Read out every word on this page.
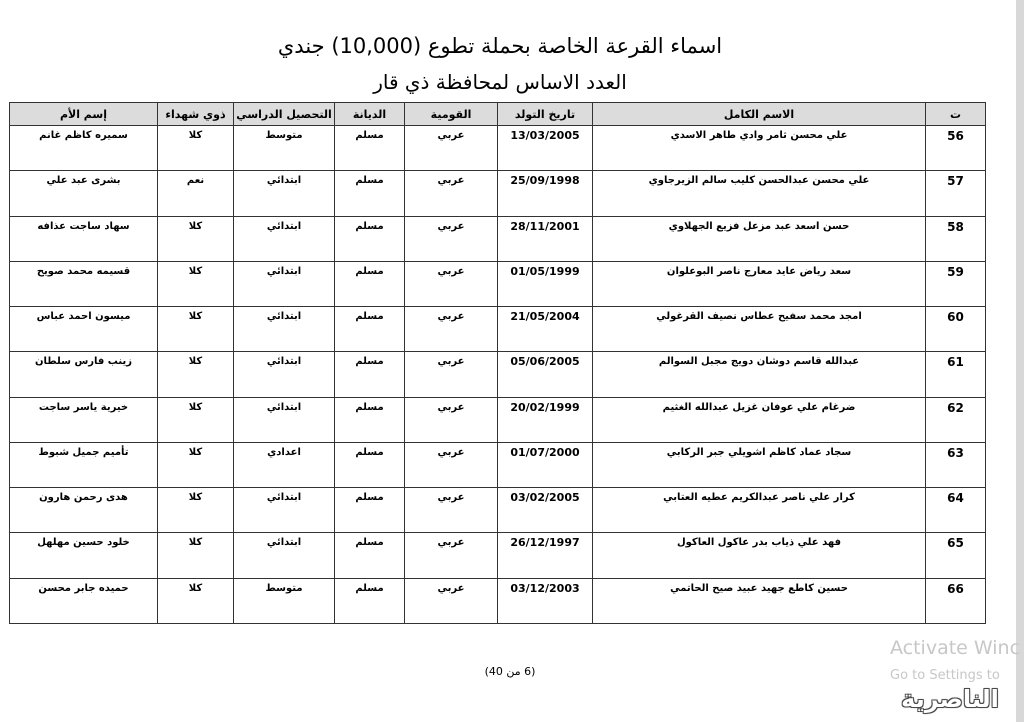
اسماء القرعة الخاصة بحملة تطوع (10,000) جندي
العدد الاساس لمحافظة ذي قار
ت	الاسم الكامل	تاريخ التولد	القومية	الديانة	التحصيل الدراسي	ذوي شهداء	إسم الأم
56	علي محسن ثامر وادي طاهر الاسدي	13/03/2005	عربي	مسلم	متوسط	كلا	سميره كاظم غانم
57	علي محسن عبدالحسن كليب سالم الزيرجاوي	25/09/1998	عربي	مسلم	ابتدائي	نعم	بشرى عبد علي
58	حسن اسعد عبد مزعل فزيع الجهلاوي	28/11/2001	عربي	مسلم	ابتدائي	كلا	سهاد ساجت عذافه
59	سعد رياض عايد معارج ناصر البوعلوان	01/05/1999	عربي	مسلم	ابتدائي	كلا	قسيمه محمد صويح
60	امجد محمد سفيح عطاس نصيف القرغولي	21/05/2004	عربي	مسلم	ابتدائي	كلا	ميسون احمد عباس
61	عبدالله قاسم دوشان دويج مجبل السوالم	05/06/2005	عربي	مسلم	ابتدائي	كلا	زينب فارس سلطان
62	ضرغام علي عوفان غزيل عبدالله الغثيم	20/02/1999	عربي	مسلم	ابتدائي	كلا	خيرية ياسر ساجت
63	سجاد عماد كاظم اشويلي جبر الركابي	01/07/2000	عربي	مسلم	اعدادي	كلا	تأميم جميل شبوط
64	كرار علي ناصر عبدالكريم عطيه العتابي	03/02/2005	عربي	مسلم	ابتدائي	كلا	هدى رحمن هارون
65	فهد علي ذياب بدر عاكول العاكول	26/12/1997	عربي	مسلم	ابتدائي	كلا	خلود حسين مهلهل
66	حسين كاطع جهيد عبيد صيح الحاتمي	03/12/2003	عربي	مسلم	متوسط	كلا	حميده جابر محسن
(6 من 40)
Activate Winc
Go to Settings to
الناصرية
